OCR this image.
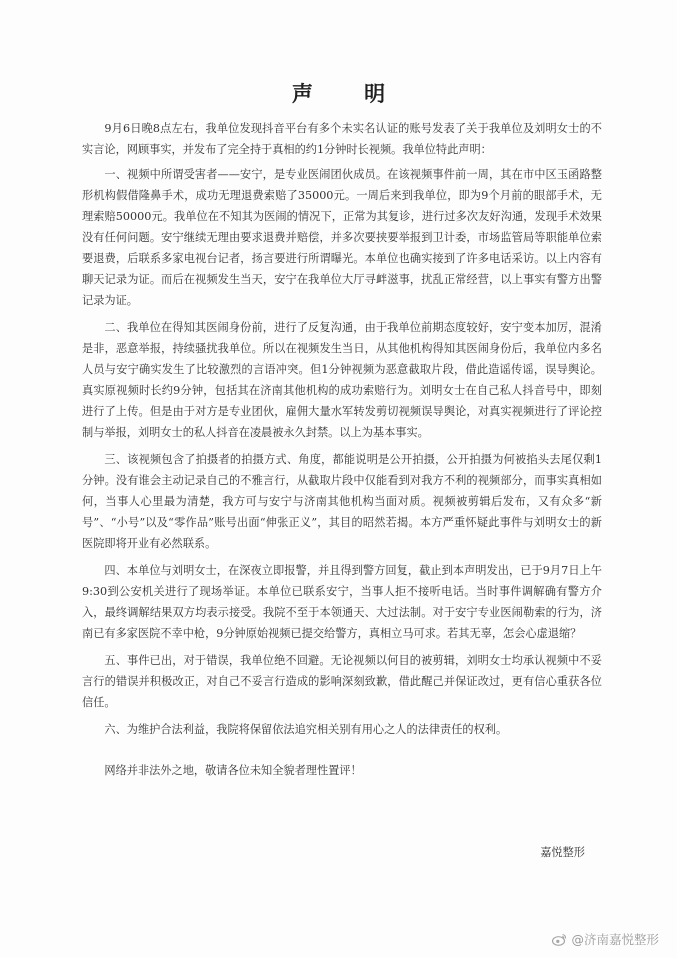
声 明

9月6日晚8点左右，我单位发现抖音平台有多个未实名认证的账号发表了关于我单位及刘明女士的不实言论，网顾事实，并发布了完全持于真相的约1分钟时长视频。我单位特此声明：

一、视频中所谓受害者——安宁，是专业医闹团伙成员。在该视频事件前一周，其在市中区玉函路整形机构假借隆鼻手术，成功无理退费索赔了35000元。一周后来到我单位，即为9个月前的眼部手术，无理索赔50000元。我单位在不知其为医闹的情况下，正常为其复诊，进行过多次友好沟通，发现手术效果没有任何问题。安宁继续无理由要求退费并赔偿，并多次要挟要举报到卫计委，市场监管局等职能单位索要退费，后联系多家电视台记者，扬言要进行所谓曝光。本单位也确实接到了许多电话采访。以上内容有聊天记录为证。而后在视频发生当天，安宁在我单位大厅寻衅滋事，扰乱正常经营，以上事实有警方出警记录为证。

二、我单位在得知其医闹身份前，进行了反复沟通，由于我单位前期态度较好，安宁变本加厉，混淆是非，恶意举报，持续骚扰我单位。所以在视频发生当日，从其他机构得知其医闹身份后，我单位内多名人员与安宁确实发生了比较激烈的言语冲突。但1分钟视频为恶意截取片段，借此造谣传谣，误导舆论。真实原视频时长约9分钟，包括其在济南其他机构的成功索赔行为。刘明女士在自己私人抖音号中，即刻进行了上传。但是由于对方是专业团伙，雇佣大量水军转发剪切视频误导舆论，对真实视频进行了评论控制与举报，刘明女士的私人抖音在凌晨被永久封禁。以上为基本事实。

三、该视频包含了拍摄者的拍摄方式、角度，都能说明是公开拍摄，公开拍摄为何被掐头去尾仅剩1分钟。没有谁会主动记录自己的不雅言行，从截取片段中仅能看到对我方不利的视频部分，而事实真相如何，当事人心里最为清楚，我方可与安宁与济南其他机构当面对质。视频被剪辑后发布，又有众多“新号”、“小号”以及“零作品”账号出面“伸张正义”，其目的昭然若揭。本方严重怀疑此事件与刘明女士的新医院即将开业有必然联系。

四、本单位与刘明女士，在深夜立即报警，并且得到警方回复，截止到本声明发出，已于9月7日上午9:30到公安机关进行了现场举证。本单位已联系安宁，当事人拒不接听电话。当时事件调解确有警方介入，最终调解结果双方均表示接受。我院不至于本领通天、大过法制。对于安宁专业医闹勒索的行为，济南已有多家医院不幸中枪，9分钟原始视频已提交给警方，真相立马可求。若其无辜，怎会心虚退缩？

五、事件已出，对于错误，我单位绝不回避。无论视频以何目的被剪辑，刘明女士均承认视频中不妥言行的错误并积极改正，对自己不妥言行造成的影响深刻致歉，借此醒己并保证改过，更有信心重获各位信任。

六、为维护合法利益，我院将保留依法追究相关别有用心之人的法律责任的权利。

网络并非法外之地，敬请各位未知全貌者理性置评！

嘉悦整形
@济南嘉悦整形
